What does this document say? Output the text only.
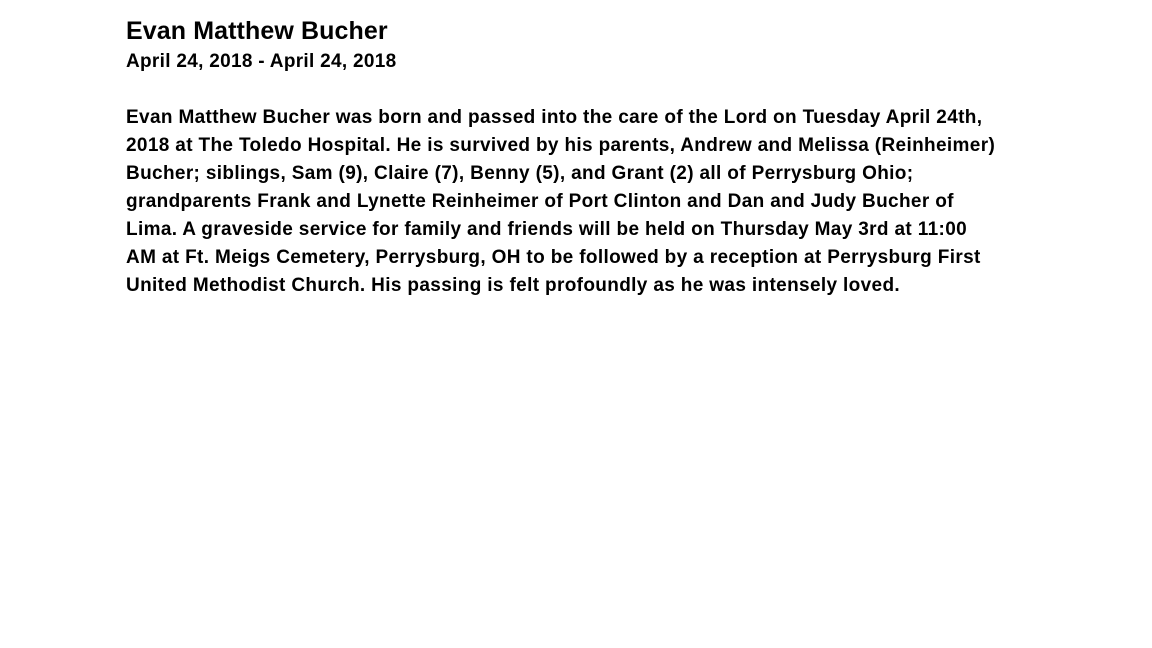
Evan Matthew Bucher
April 24, 2018 - April 24, 2018

Evan Matthew Bucher was born and passed into the care of the Lord on Tuesday April 24th, 2018 at The Toledo Hospital. He is survived by his parents, Andrew and Melissa (Reinheimer) Bucher; siblings, Sam (9), Claire (7), Benny (5), and Grant (2) all of Perrysburg Ohio; grandparents Frank and Lynette Reinheimer of Port Clinton and Dan and Judy Bucher of Lima. A graveside service for family and friends will be held on Thursday May 3rd at 11:00 AM at Ft. Meigs Cemetery, Perrysburg, OH to be followed by a reception at Perrysburg First United Methodist Church. His passing is felt profoundly as he was intensely loved.
